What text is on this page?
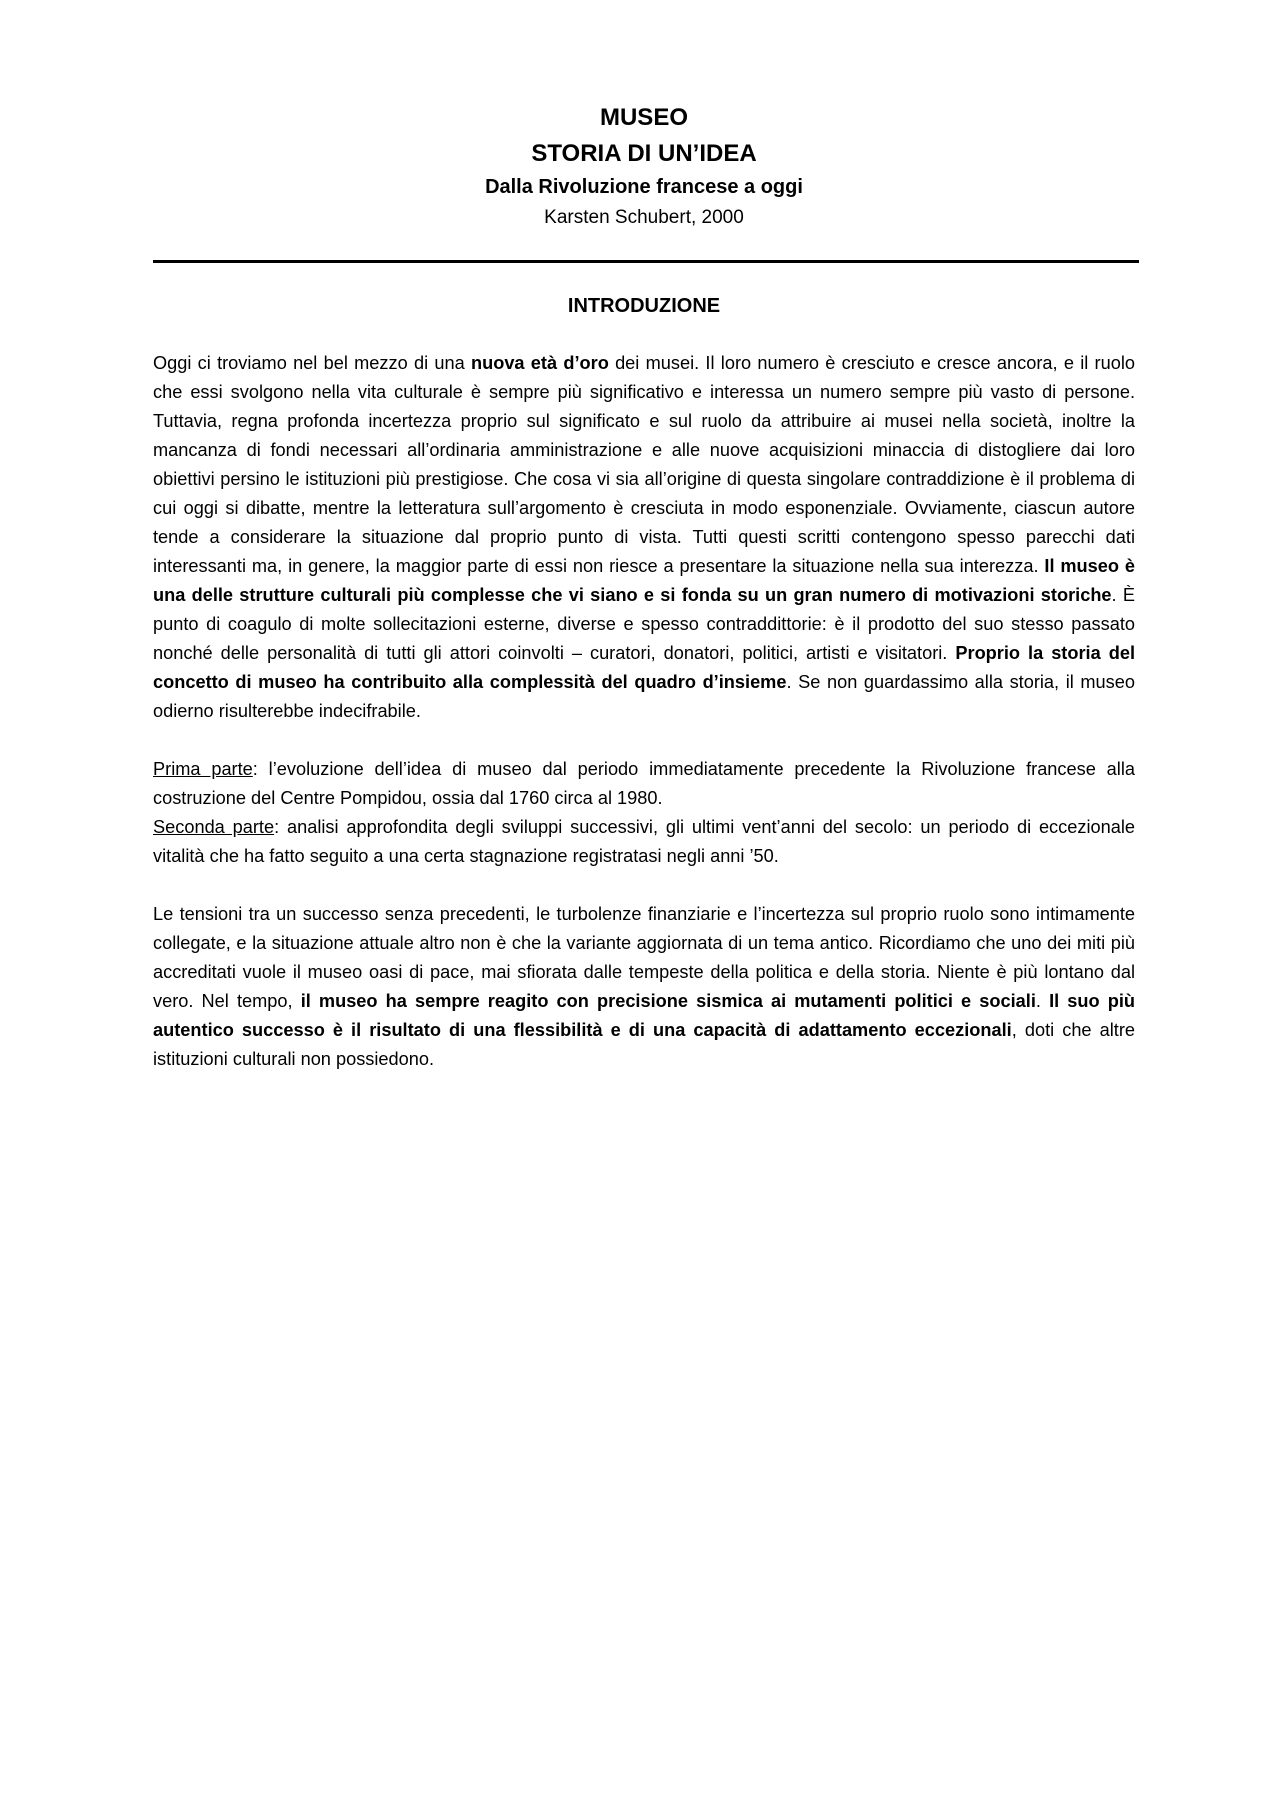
MUSEO

STORIA DI UN’IDEA

Dalla Rivoluzione francese a oggi

Karsten Schubert, 2000

INTRODUZIONE

Oggi ci troviamo nel bel mezzo di una nuova età d’oro dei musei. Il loro numero è cresciuto e cresce ancora, e il ruolo che essi svolgono nella vita culturale è sempre più significativo e interessa un numero sempre più vasto di persone. Tuttavia, regna profonda incertezza proprio sul significato e sul ruolo da attribuire ai musei nella società, inoltre la mancanza di fondi necessari all’ordinaria amministrazione e alle nuove acquisizioni minaccia di distogliere dai loro obiettivi persino le istituzioni più prestigiose. Che cosa vi sia all’origine di questa singolare contraddizione è il problema di cui oggi si dibatte, mentre la letteratura sull’argomento è cresciuta in modo esponenziale. Ovviamente, ciascun autore tende a considerare la situazione dal proprio punto di vista. Tutti questi scritti contengono spesso parecchi dati interessanti ma, in genere, la maggior parte di essi non riesce a presentare la situazione nella sua interezza. Il museo è una delle strutture culturali più complesse che vi siano e si fonda su un gran numero di motivazioni storiche. È punto di coagulo di molte sollecitazioni esterne, diverse e spesso contraddittorie: è il prodotto del suo stesso passato nonché delle personalità di tutti gli attori coinvolti – curatori, donatori, politici, artisti e visitatori. Proprio la storia del concetto di museo ha contribuito alla complessità del quadro d’insieme. Se non guardassimo alla storia, il museo odierno risulterebbe indecifrabile.

Prima parte: l’evoluzione dell’idea di museo dal periodo immediatamente precedente la Rivoluzione francese alla costruzione del Centre Pompidou, ossia dal 1760 circa al 1980.
Seconda parte: analisi approfondita degli sviluppi successivi, gli ultimi vent’anni del secolo: un periodo di eccezionale vitalità che ha fatto seguito a una certa stagnazione registratasi negli anni ’50.

Le tensioni tra un successo senza precedenti, le turbolenze finanziarie e l’incertezza sul proprio ruolo sono intimamente collegate, e la situazione attuale altro non è che la variante aggiornata di un tema antico. Ricordiamo che uno dei miti più accreditati vuole il museo oasi di pace, mai sfiorata dalle tempeste della politica e della storia. Niente è più lontano dal vero. Nel tempo, il museo ha sempre reagito con precisione sismica ai mutamenti politici e sociali. Il suo più autentico successo è il risultato di una flessibilità e di una capacità di adattamento eccezionali, doti che altre istituzioni culturali non possiedono.
